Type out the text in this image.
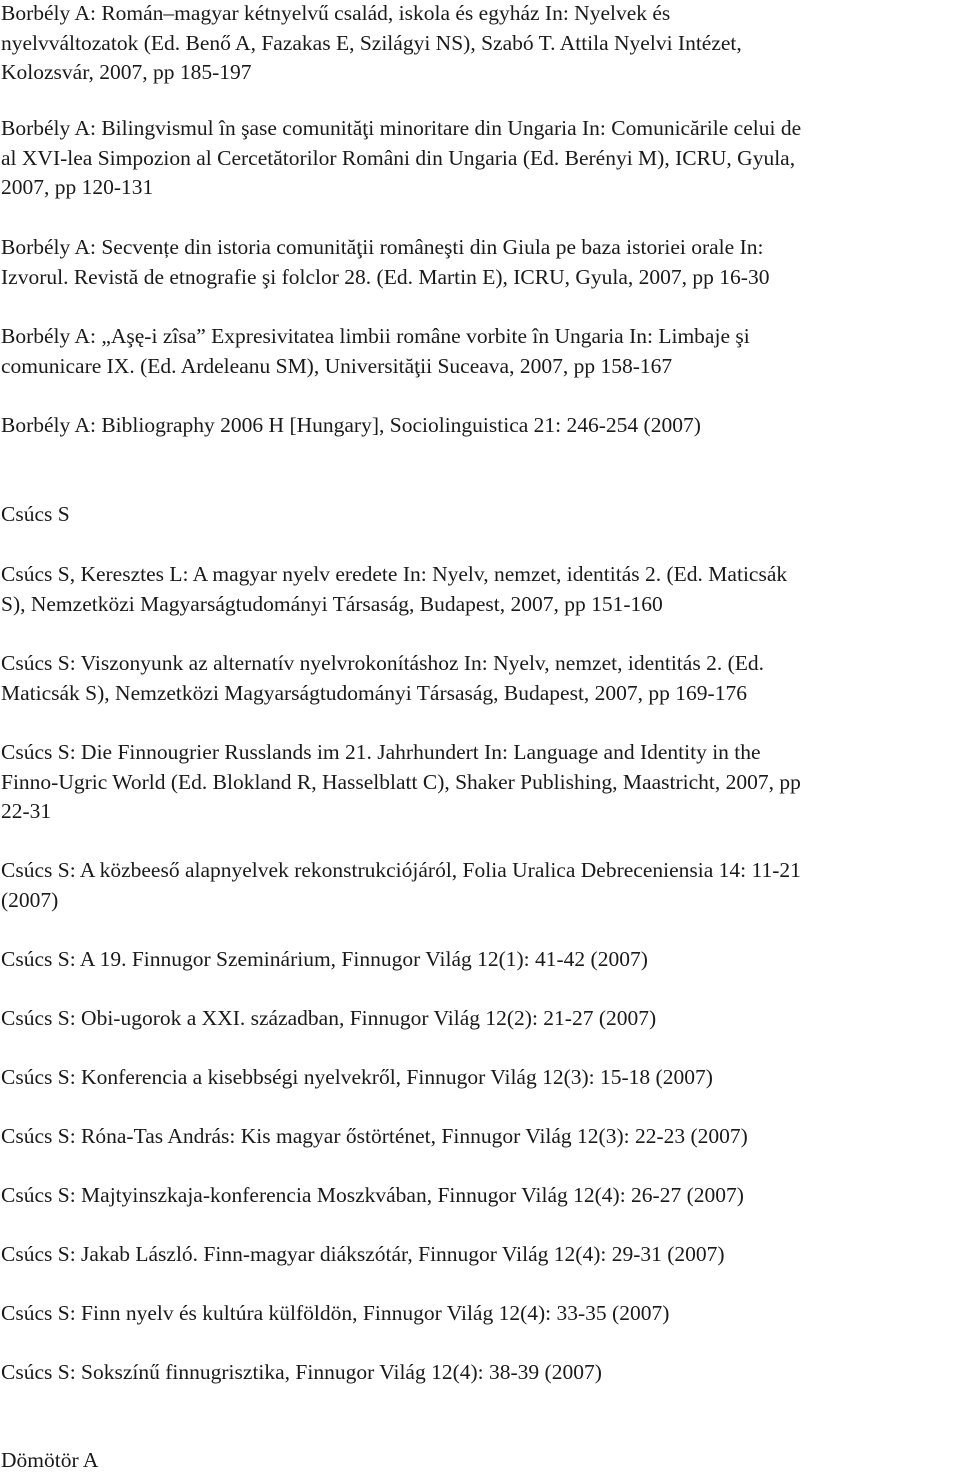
Borbély A: Román–magyar kétnyelvű család, iskola és egyház In: Nyelvek és
nyelvváltozatok (Ed. Benő A, Fazakas E, Szilágyi NS), Szabó T. Attila Nyelvi Intézet,
Kolozsvár, 2007, pp 185-197
Borbély A: Bilingvismul în şase comunităţi minoritare din Ungaria In: Comunicările celui de
al XVI-lea Simpozion al Cercetătorilor Români din Ungaria (Ed. Berényi M), ICRU, Gyula,
2007, pp 120-131
Borbély A: Secvențe din istoria comunităţii româneşti din Giula pe baza istoriei orale In:
Izvorul. Revistă de etnografie şi folclor 28. (Ed. Martin E), ICRU, Gyula, 2007, pp 16-30
Borbély A: „Aşę-i zîsa” Expresivitatea limbii române vorbite în Ungaria In: Limbaje şi
comunicare IX. (Ed. Ardeleanu SM), Universităţii Suceava, 2007, pp 158-167
Borbély A: Bibliography 2006 H [Hungary], Sociolinguistica 21: 246-254 (2007)
Csúcs S
Csúcs S, Keresztes L: A magyar nyelv eredete In: Nyelv, nemzet, identitás 2. (Ed. Maticsák
S), Nemzetközi Magyarságtudományi Társaság, Budapest, 2007, pp 151-160
Csúcs S: Viszonyunk az alternatív nyelvrokonításhoz In: Nyelv, nemzet, identitás 2. (Ed.
Maticsák S), Nemzetközi Magyarságtudományi Társaság, Budapest, 2007, pp 169-176
Csúcs S: Die Finnougrier Russlands im 21. Jahrhundert In: Language and Identity in the
Finno-Ugric World (Ed. Blokland R, Hasselblatt C), Shaker Publishing, Maastricht, 2007, pp
22-31
Csúcs S: A közbeeső alapnyelvek rekonstrukciójáról, Folia Uralica Debreceniensia 14: 11-21
(2007)
Csúcs S: A 19. Finnugor Szeminárium, Finnugor Világ 12(1): 41-42 (2007)
Csúcs S: Obi-ugorok a XXI. században, Finnugor Világ 12(2): 21-27 (2007)
Csúcs S: Konferencia a kisebbségi nyelvekről, Finnugor Világ 12(3): 15-18 (2007)
Csúcs S: Róna-Tas András: Kis magyar őstörténet, Finnugor Világ 12(3): 22-23 (2007)
Csúcs S: Majtyinszkaja-konferencia Moszkvában, Finnugor Világ 12(4): 26-27 (2007)
Csúcs S: Jakab László. Finn-magyar diákszótár, Finnugor Világ 12(4): 29-31 (2007)
Csúcs S: Finn nyelv és kultúra külföldön, Finnugor Világ 12(4): 33-35 (2007)
Csúcs S: Sokszínű finnugrisztika, Finnugor Világ 12(4): 38-39 (2007)
Dömötör A
